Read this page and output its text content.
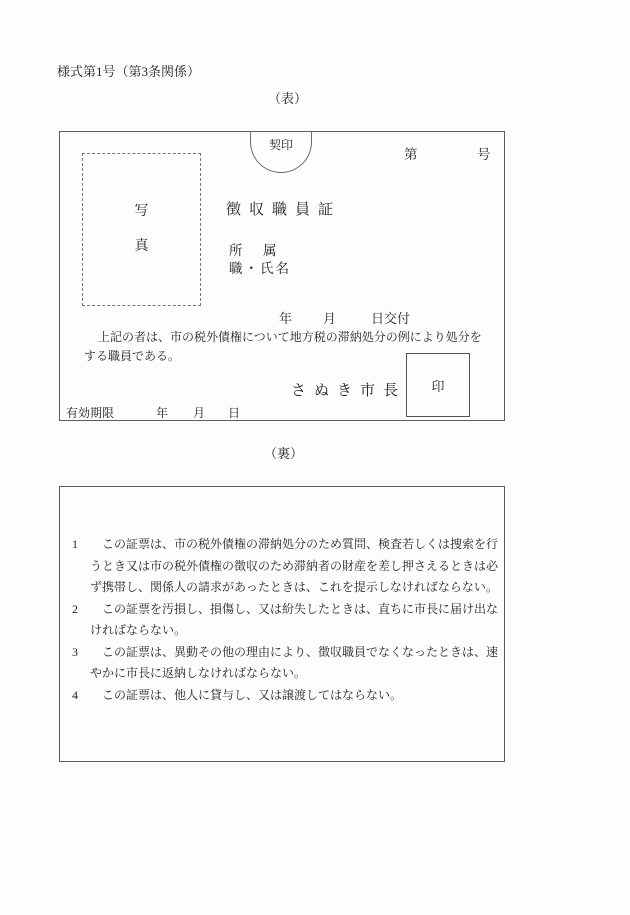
様式第1号（第3条関係）
（表）
契印
第	号
写
真
徴収職員証
所 属
職・氏名
年 月	日交付
上記の者は、市の税外債権について地方税の滞納処分の例により処分を
する職員である。
さぬき市長 印
有効期限	年 月 日
（裏）
1 この証票は、市の税外債権の滞納処分のため質問、検査若しくは捜索を行
うとき又は市の税外債権の徴収のため滞納者の財産を差し押さえるときは必
ず携帯し、関係人の請求があったときは、これを提示しなければならない。
2 この証票を汚損し、損傷し、又は紛失したときは、直ちに市長に届け出な
ければならない。
3 この証票は、異動その他の理由により、徴収職員でなくなったときは、速
やかに市長に返納しなければならない。
4 この証票は、他人に貸与し、又は譲渡してはならない。
